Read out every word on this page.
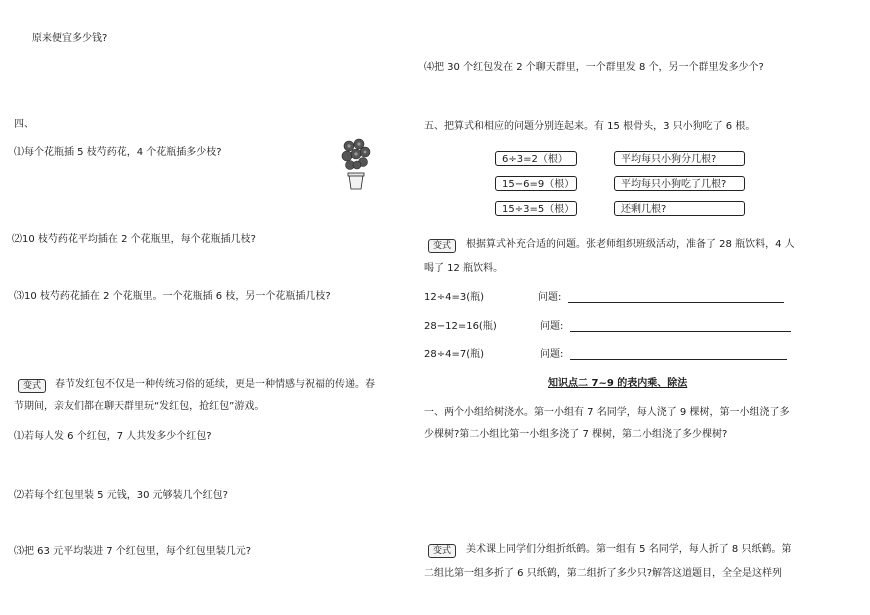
原来便宜多少钱?
四、
⑴每个花瓶插 5 枝芍药花，4 个花瓶插多少枝?
⑵10 枝芍药花平均插在 2 个花瓶里，每个花瓶插几枝?
⑶10 枝芍药花插在 2 个花瓶里。一个花瓶插 6 枝，另一个花瓶插几枝?
变式	春节发红包不仅是一种传统习俗的延续，更是一种情感与祝福的传递。春
节期间，亲友们都在聊天群里玩“发红包，抢红包”游戏。
⑴若每人发 6 个红包，7 人共发多少个红包?
⑵若每个红包里装 5 元钱，30 元够装几个红包?
⑶把 63 元平均装进 7 个红包里，每个红包里装几元?
⑷把 30 个红包发在 2 个聊天群里，一个群里发 8 个，另一个群里发多少个?
五、把算式和相应的问题分别连起来。有 15 根骨头，3 只小狗吃了 6 根。
6÷3=2（根）
15−6=9（根）
15÷3=5（根）
平均每只小狗分几根?
平均每只小狗吃了几根?
还剩几根?
变式	根据算式补充合适的问题。张老师组织班级活动，准备了 28 瓶饮料，4 人
喝了 12 瓶饮料。
12÷4=3(瓶)	问题:
28−12=16(瓶)	问题:
28÷4=7(瓶)	问题:
知识点二 7~9 的表内乘、除法
一、两个小组给树浇水。第一小组有 7 名同学，每人浇了 9 棵树，第一小组浇了多
少棵树?第二小组比第一小组多浇了 7 棵树，第二小组浇了多少棵树?
变式	美术课上同学们分组折纸鹤。第一组有 5 名同学，每人折了 8 只纸鹤。第
二组比第一组多折了 6 只纸鹤，第二组折了多少只?解答这道题目，全全是这样列
